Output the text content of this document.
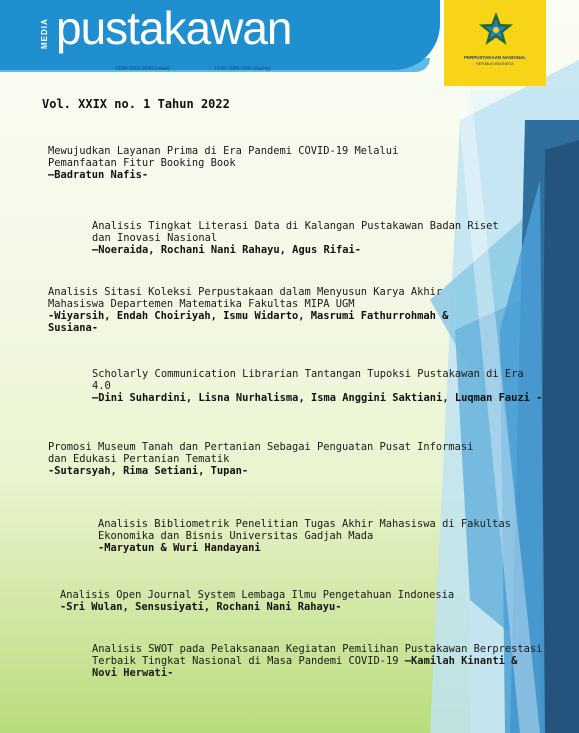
MEDIA pustakawan
ISSN 0852-9248 (cetak)	ISSN 2685-3396 (daring)
PERPUSTAKAAN NASIONAL
REPUBLIK INDONESIA
Vol. XXIX no. 1 Tahun 2022
Mewujudkan Layanan Prima di Era Pandemi COVID-19 Melalui Pemanfaatan Fitur Booking Book
–Badratun Nafis-
Analisis Tingkat Literasi Data di Kalangan Pustakawan Badan Riset dan Inovasi Nasional
–Noeraida, Rochani Nani Rahayu, Agus Rifai-
Analisis Sitasi Koleksi Perpustakaan dalam Menyusun Karya Akhir Mahasiswa Departemen Matematika Fakultas MIPA UGM
-Wiyarsih, Endah Choiriyah, Ismu Widarto, Masrumi Fathurrohmah & Susiana-
Scholarly Communication Librarian Tantangan Tupoksi Pustakawan di Era 4.0
–Dini Suhardini, Lisna Nurhalisma, Isma Anggini Saktiani, Luqman Fauzi -
Promosi Museum Tanah dan Pertanian Sebagai Penguatan Pusat Informasi dan Edukasi Pertanian Tematik
-Sutarsyah, Rima Setiani, Tupan-
Analisis Bibliometrik Penelitian Tugas Akhir Mahasiswa di Fakultas Ekonomika dan Bisnis Universitas Gadjah Mada
-Maryatun & Wuri Handayani
Analisis Open Journal System Lembaga Ilmu Pengetahuan Indonesia
-Sri Wulan, Sensusiyati, Rochani Nani Rahayu-
Analisis SWOT pada Pelaksanaan Kegiatan Pemilihan Pustakawan Berprestasi Terbaik Tingkat Nasional di Masa Pandemi COVID-19 –Kamilah Kinanti & Novi Herwati-
